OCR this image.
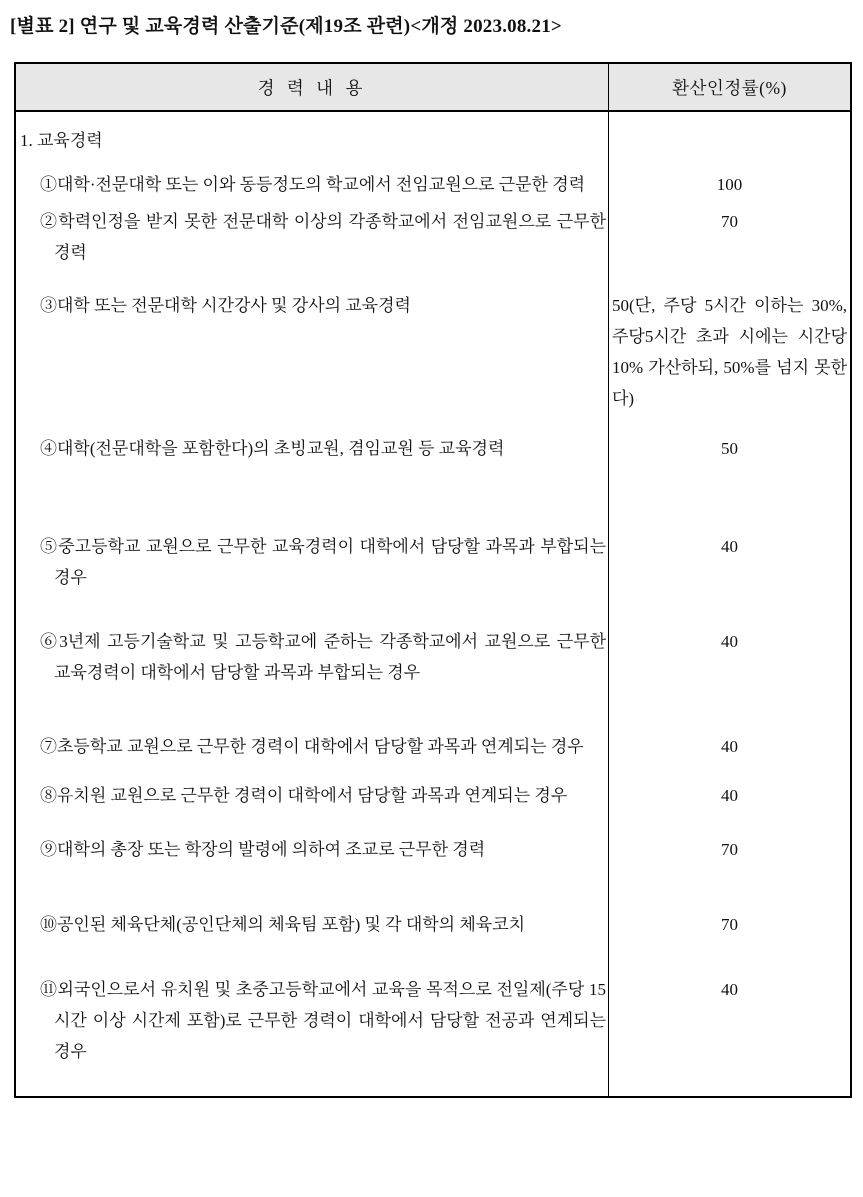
[별표 2] 연구 및 교육경력 산출기준(제19조 관련)<개정 2023.08.21>
경 력 내 용	환산인정률(%)
1. 교육경력	

①대학·전문대학 또는 이와 동등정도의 학교에서 전임교원으로 근문한 경력	100

②학력인정을 받지 못한 전문대학 이상의 각종학교에서 전임교원으로 근무한 경력	70

③대학 또는 전문대학 시간강사 및 강사의 교육경력	50(단, 주당 5시간 이하는 30%, 주당5시간 초과 시에는 시간당 10% 가산하되, 50%를 넘지 못한다)

④대학(전문대학을 포함한다)의 초빙교원, 겸임교원 등 교육경력	50

⑤중고등학교 교원으로 근무한 교육경력이 대학에서 담당할 과목과 부합되는 경우	40

⑥3년제 고등기술학교 및 고등학교에 준하는 각종학교에서 교원으로 근무한 교육경력이 대학에서 담당할 과목과 부합되는 경우	40

⑦초등학교 교원으로 근무한 경력이 대학에서 담당할 과목과 연계되는 경우	40

⑧유치원 교원으로 근무한 경력이 대학에서 담당할 과목과 연계되는 경우	40

⑨대학의 총장 또는 학장의 발령에 의하여 조교로 근무한 경력	70

⑩공인된 체육단체(공인단체의 체육팀 포함) 및 각 대학의 체육코치	70

⑪외국인으로서 유치원 및 초중고등학교에서 교육을 목적으로 전일제(주당 15시간 이상 시간제 포함)로 근무한 경력이 대학에서 담당할 전공과 연계되는 경우	40
